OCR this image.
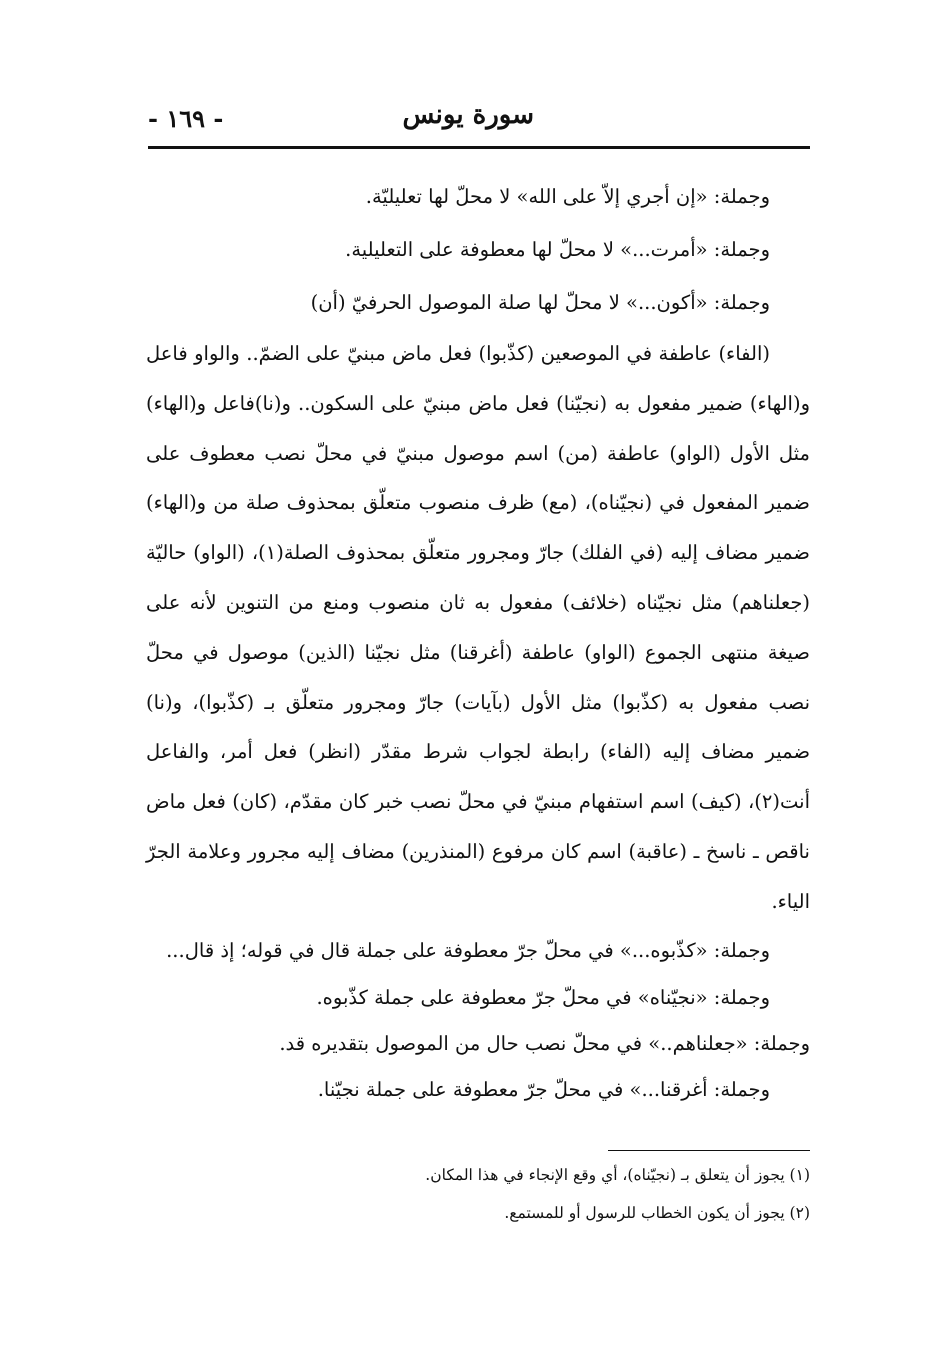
سورة يونس
- ١٦٩ -

وجملة: «إن أجري إلاّ على الله» لا محلّ لها تعليليّة.

وجملة: «أمرت...» لا محلّ لها معطوفة على التعليلية.

وجملة: «أكون...» لا محلّ لها صلة الموصول الحرفيّ (أن)

(الفاء) عاطفة في الموصعين (كذّبوا) فعل ماض مبنيّ على الضمّ.. والواو فاعل و(الهاء) ضمير مفعول به (نجيّنا) فعل ماض مبنيّ على السكون.. و(نا)فاعل و(الهاء) مثل الأول (الواو) عاطفة (من) اسم موصول مبنيّ في محلّ نصب معطوف على ضمير المفعول في (نجيّناه)، (مع) ظرف منصوب متعلّق بمحذوف صلة من و(الهاء) ضمير مضاف إليه (في الفلك) جارّ ومجرور متعلّق بمحذوف الصلة(١)، (الواو) حاليّة (جعلناهم) مثل نجيّناه (خلائف) مفعول به ثان منصوب ومنع من التنوين لأنه على صيغة منتهى الجموع (الواو) عاطفة (أغرقنا) مثل نجيّنا (الذين) موصول في محلّ نصب مفعول به (كذّبوا) مثل الأول (بآيات) جارّ ومجرور متعلّق بـ (كذّبوا)، و(نا) ضمير مضاف إليه (الفاء) رابطة لجواب شرط مقدّر (انظر) فعل أمر، والفاعل أنت(٢)، (كيف) اسم استفهام مبنيّ في محلّ نصب خبر كان مقدّم، (كان) فعل ماض ناقص ـ ناسخ ـ (عاقبة) اسم كان مرفوع (المنذرين) مضاف إليه مجرور وعلامة الجرّ الياء.

وجملة: «كذّبوه...» في محلّ جرّ معطوفة على جملة قال في قوله؛ إذ قال...

وجملة: «نجيّناه» في محلّ جرّ معطوفة على جملة كذّبوه.

وجملة: «جعلناهم..» في محلّ نصب حال من الموصول بتقديره قد.

وجملة: أغرقنا...» في محلّ جرّ معطوفة على جملة نجيّنا.

(١) يجوز أن يتعلق بـ (نجيّناه)، أي وقع الإنجاء في هذا المكان.

(٢) يجوز أن يكون الخطاب للرسول أو للمستمع.
